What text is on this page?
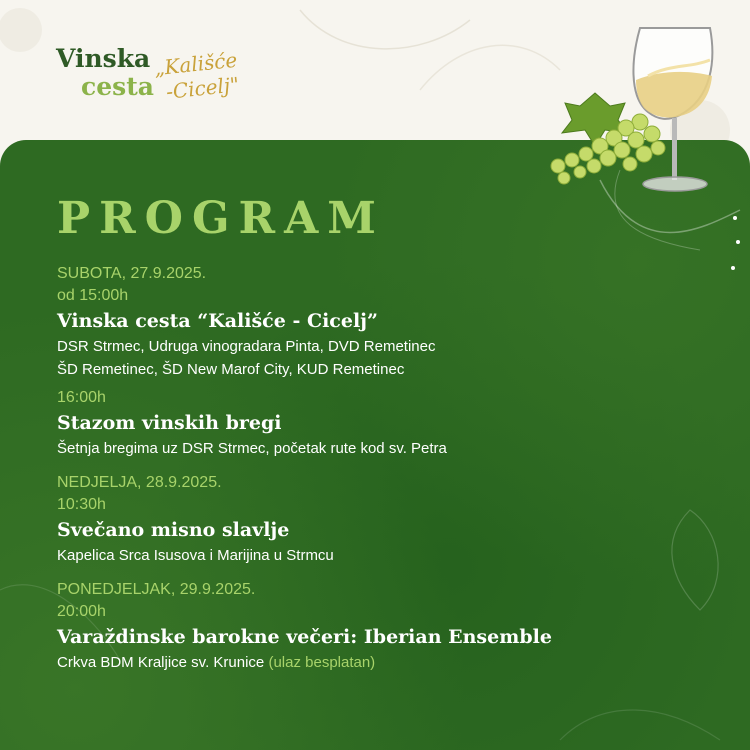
Vinska
cesta
„Kališće
-Cicelj"
PROGRAM
SUBOTA, 27.9.2025.
od 15:00h
Vinska cesta “Kališće - Cicelj”
DSR Strmec, Udruga vinogradara Pinta, DVD Remetinec
ŠD Remetinec, ŠD New Marof City, KUD Remetinec
16:00h
Stazom vinskih bregi
Šetnja bregima uz DSR Strmec, početak rute kod sv. Petra
NEDJELJA, 28.9.2025.
10:30h
Svečano misno slavlje
Kapelica Srca Isusova i Marijina u Strmcu
PONEDJELJAK, 29.9.2025.
20:00h
Varaždinske barokne večeri: Iberian Ensemble
Crkva BDM Kraljice sv. Krunice (ulaz besplatan)
